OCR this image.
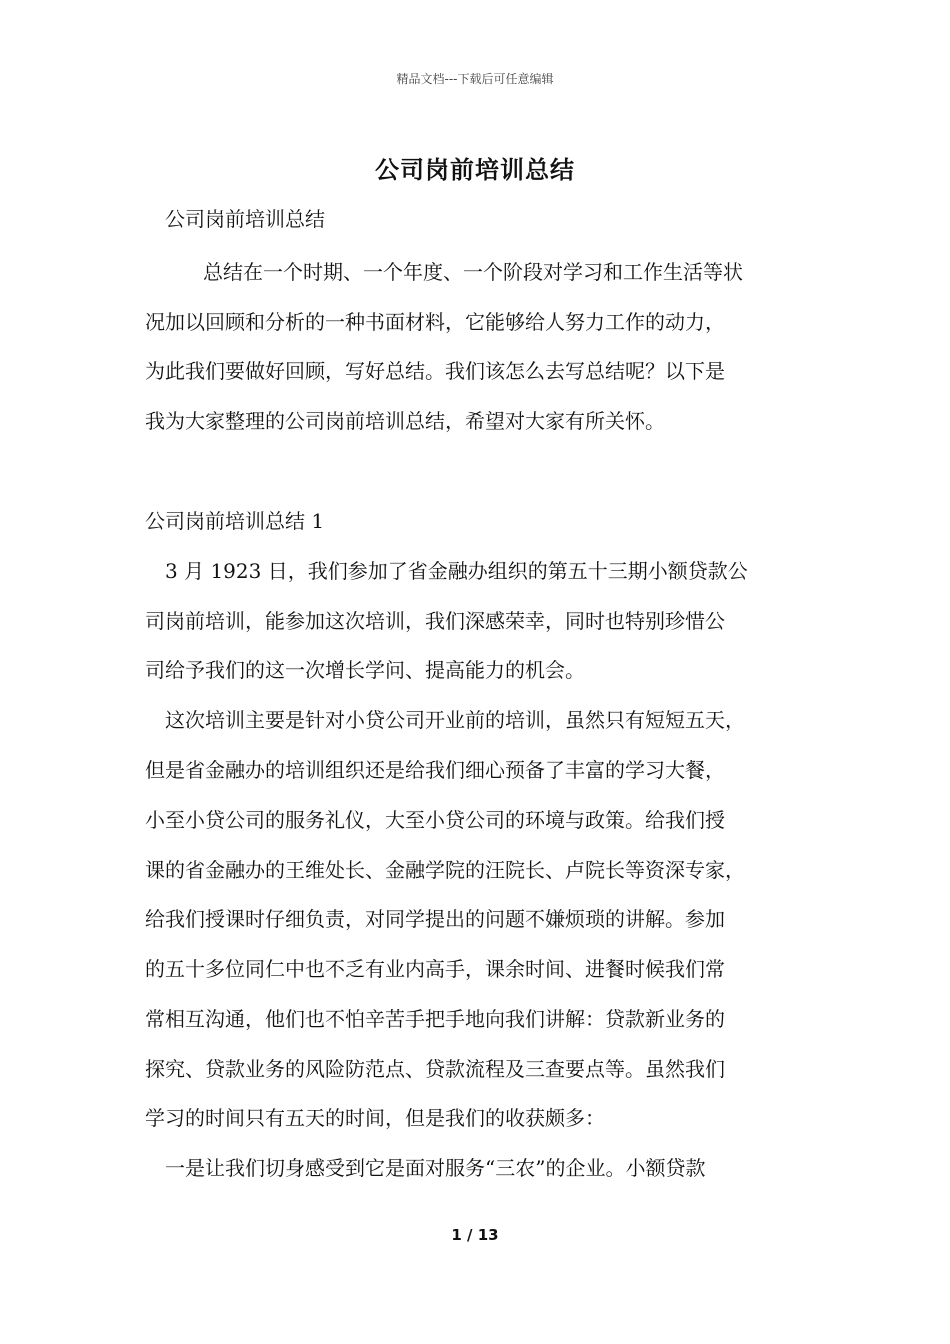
精品文档---下载后可任意编辑
公司岗前培训总结
公司岗前培训总结
总结在一个时期、一个年度、一个阶段对学习和工作生活等状
况加以回顾和分析的一种书面材料，它能够给人努力工作的动力，
为此我们要做好回顾，写好总结。我们该怎么去写总结呢？以下是
我为大家整理的公司岗前培训总结，希望对大家有所关怀。
公司岗前培训总结 1
3 月 1923 日，我们参加了省金融办组织的第五十三期小额贷款公
司岗前培训，能参加这次培训，我们深感荣幸，同时也特别珍惜公
司给予我们的这一次增长学问、提高能力的机会。
这次培训主要是针对小贷公司开业前的培训，虽然只有短短五天，
但是省金融办的培训组织还是给我们细心预备了丰富的学习大餐，
小至小贷公司的服务礼仪，大至小贷公司的环境与政策。给我们授
课的省金融办的王维处长、金融学院的汪院长、卢院长等资深专家，
给我们授课时仔细负责，对同学提出的问题不嫌烦琐的讲解。参加
的五十多位同仁中也不乏有业内高手，课余时间、进餐时候我们常
常相互沟通，他们也不怕辛苦手把手地向我们讲解：贷款新业务的
探究、贷款业务的风险防范点、贷款流程及三查要点等。虽然我们
学习的时间只有五天的时间，但是我们的收获颇多：
一是让我们切身感受到它是面对服务“三农”的企业。小额贷款
1 / 13
